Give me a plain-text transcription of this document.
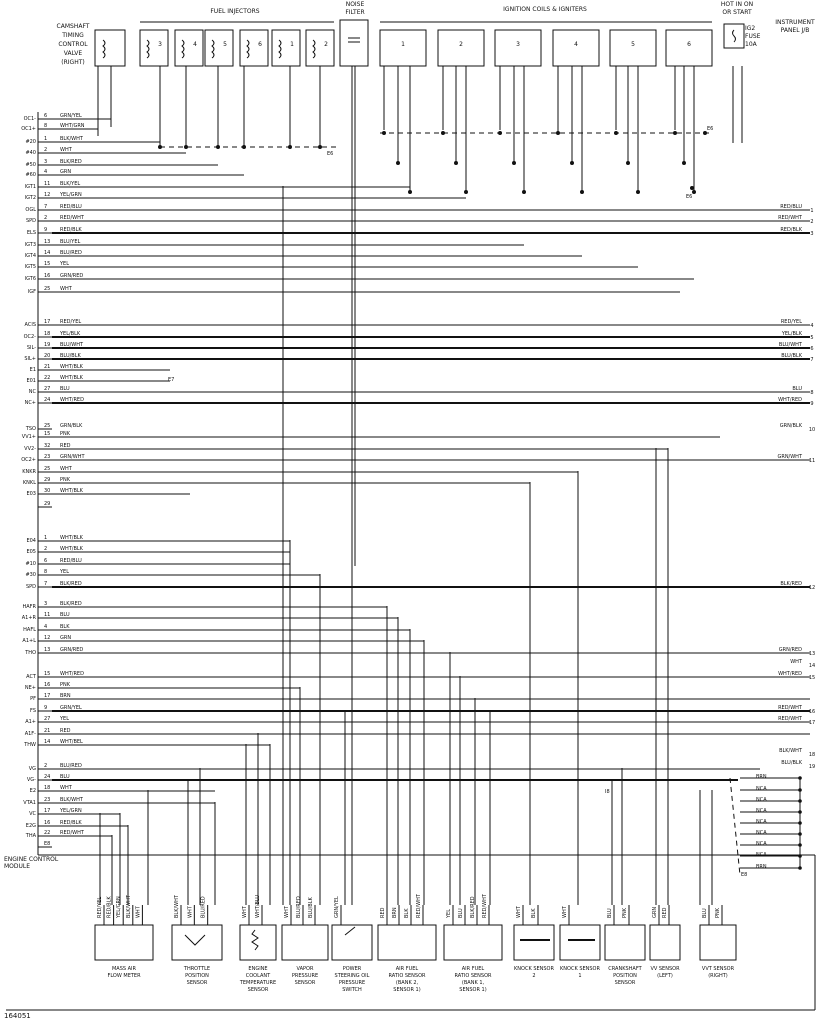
FUEL INJECTORS
NOISE
FILTER	IGNITION COILS & IGNITERS
HOT IN ON
OR START
INSTRUMENT
PANEL J/B
IG2
FUSE
10A
CAMSHAFT
TIMING
CONTROL
VALVE
(RIGHT)
3	4	5	6	1	2	1	2	3	4	5	6
OC1- 6	GRN/YEL
OC1+ 8	WHT/GRN
#20 1	BLK/WHT
#40 2	WHT
#50 3	BLK/RED
#60 4	GRN
IGT1 11 BLK/YEL
IGT2 12 YEL/GRN
OGL 7	RED/BLU
SPD 2	RED/WHT
ELS 9	RED/BLK
IGT3 13 BLU/YEL
IGT4 14 BLU/RED
IGT5 15 YEL
IGT6 16 GRN/RED
IGF 25 WHT
ACIS 17 RED/YEL
OC2- 18 YEL/BLK
SIL- 19 BLU/WHT
SIL+ 20 BLU/BLK
E1 21 WHT/BLK
E01 22 WHT/BLK
NC 27 BLU
NC+ 24 WHT/RED
TSO 25 GRN/BLK
VV1+ 15 PNK
VV2- 32 RED
OC2+ 23 GRN/WHT
KNKR 25 WHT
KNKL 29 PNK
E03 30 WHT/BLK
29
E04 1	WHT/BLK
E05 2	WHT/BLK
#10 6	RED/BLU
#30 8	YEL
SPD 7	BLK/RED
HAFR 3	BLK/RED
A1+R 11 BLU
HAFL 4	BLK
A1+L 12 GRN
THO 13 GRN/RED
ACT 15 WHT/RED
NE+ 16 PNK
PF 17 BRN
FS 9	GRN/YEL
A1+ 27 YEL
A1F- 21 RED
THW 14 WHT/BEL
VG 2	BLU/RED
VG- 24 BLU
E2 18 WHT
VTA1 23 BLK/WHT
VC 17 YEL/GRN
E2G 16 RED/BLK
THA 22 RED/WHT
E8
RED/BLU
1
RED/WHT
2
RED/BLK
3
RED/YEL
4
YEL/BLK
5
BLU/WHT
6
BLU/BLK
7
BLU
8
WHT/RED
9
GRN/BLK
10
GRN/WHT
11
BLK/RED
12
GRN/RED
13
WHT
14
WHT/RED
15
RED/WHT
16
RED/WHT
17
BLK/WHT
18
BLU/BLK
19
BRN
NCA
NCA
NCA
NCA
NCA
NCA
NCA
BRN
E6
E6
E7
E6
I8
E8
RED/YEL RED/BLK YEL/GRN BLK/WHT WHT
MASS AIR
FLOW METER
BLK/WHT WHT BLU/RED
THROTTLE
POSITION
SENSOR
WHT WHT/BLU
ENGINE
COOLANT
TEMPERATURE
SENSOR
WHT BLU/RED BLU/BLK
VAPOR
PRESSURE
SENSOR
GRN/YEL
POWER
STEERING OIL
PRESSURE
SWITCH
RED BRN BLK RED/WHT
AIR FUEL
RATIO SENSOR
(BANK 2,
SENSOR 1)
YEL BLU BLK/RED RED/WHT
AIR FUEL
RATIO SENSOR
(BANK 1,
SENSOR 1)
WHT BLK
KNOCK SENSOR
2
WHT
KNOCK SENSOR
1
BLU PNK
CRANKSHAFT
POSITION
SENSOR
GRN RED
VV SENSOR
(LEFT)
BLU PNK
VVT SENSOR
(RIGHT)
164051
ENGINE CONTROL MODULE
